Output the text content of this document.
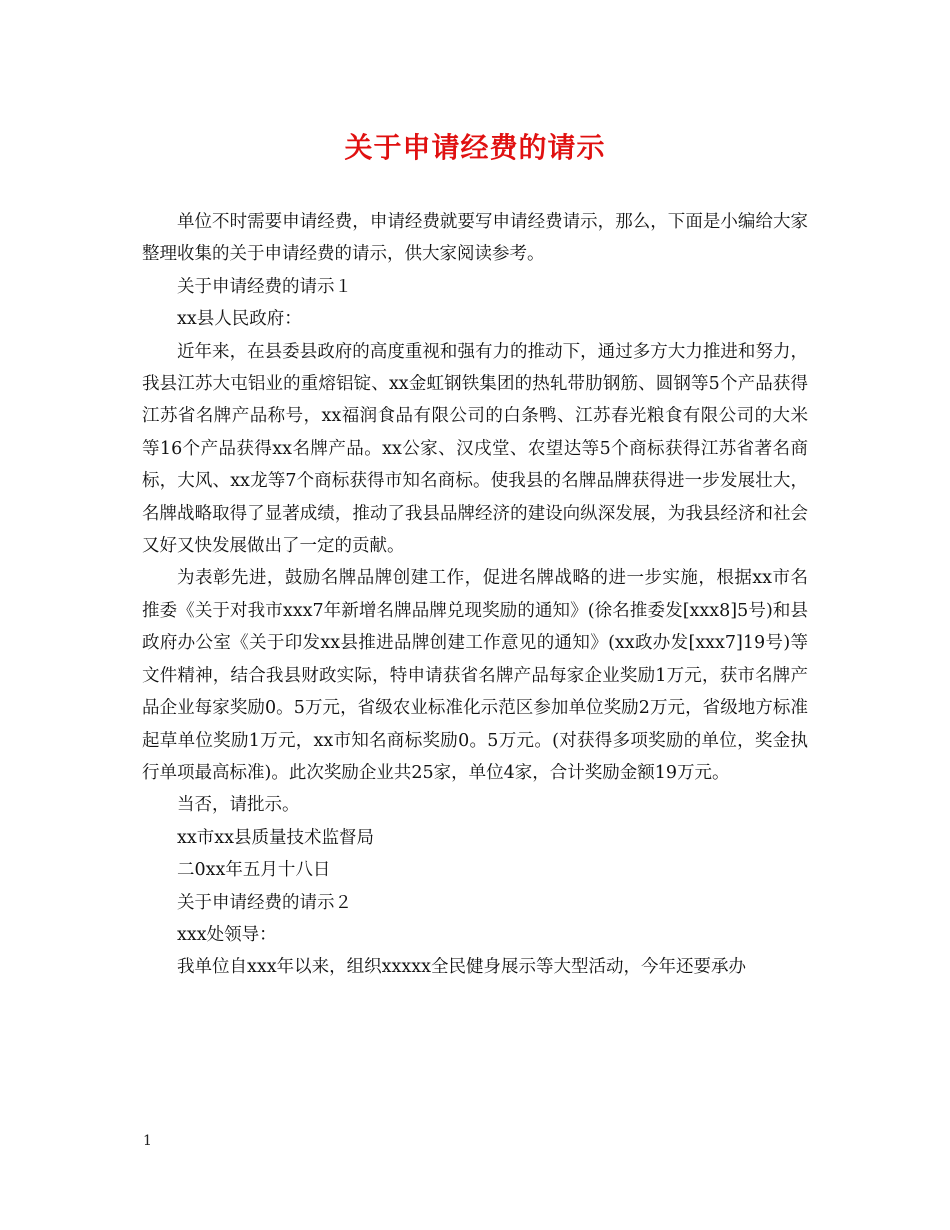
关于申请经费的请示

单位不时需要申请经费，申请经费就要写申请经费请示，那么，下面是小编给大家整理收集的关于申请经费的请示，供大家阅读参考。

关于申请经费的请示１

xx县人民政府：

近年来，在县委县政府的高度重视和强有力的推动下，通过多方大力推进和努力，我县江苏大屯铝业的重熔铝锭、xx金虹钢铁集团的热轧带肋钢筋、圆钢等5个产品获得江苏省名牌产品称号，xx福润食品有限公司的白条鸭、江苏春光粮食有限公司的大米等16个产品获得xx名牌产品。xx公家、汉戌堂、农望达等5个商标获得江苏省著名商标，大风、xx龙等7个商标获得市知名商标。使我县的名牌品牌获得进一步发展壮大，名牌战略取得了显著成绩，推动了我县品牌经济的建设向纵深发展，为我县经济和社会又好又快发展做出了一定的贡献。

为表彰先进，鼓励名牌品牌创建工作，促进名牌战略的进一步实施，根据xx市名推委《关于对我市xxx7年新增名牌品牌兑现奖励的通知》(徐名推委发[xxx8]5号)和县政府办公室《关于印发xx县推进品牌创建工作意见的通知》(xx政办发[xxx7]19号)等文件精神，结合我县财政实际，特申请获省名牌产品每家企业奖励1万元，获市名牌产品企业每家奖励0。5万元，省级农业标准化示范区参加单位奖励2万元，省级地方标准起草单位奖励1万元，xx市知名商标奖励0。5万元。(对获得多项奖励的单位，奖金执行单项最高标准)。此次奖励企业共25家，单位4家，合计奖励金额19万元。

当否，请批示。

xx市xx县质量技术监督局

二0xx年五月十八日

关于申请经费的请示２

xxx处领导：

我单位自xxx年以来，组织xxxxx全民健身展示等大型活动，今年还要承办

1
